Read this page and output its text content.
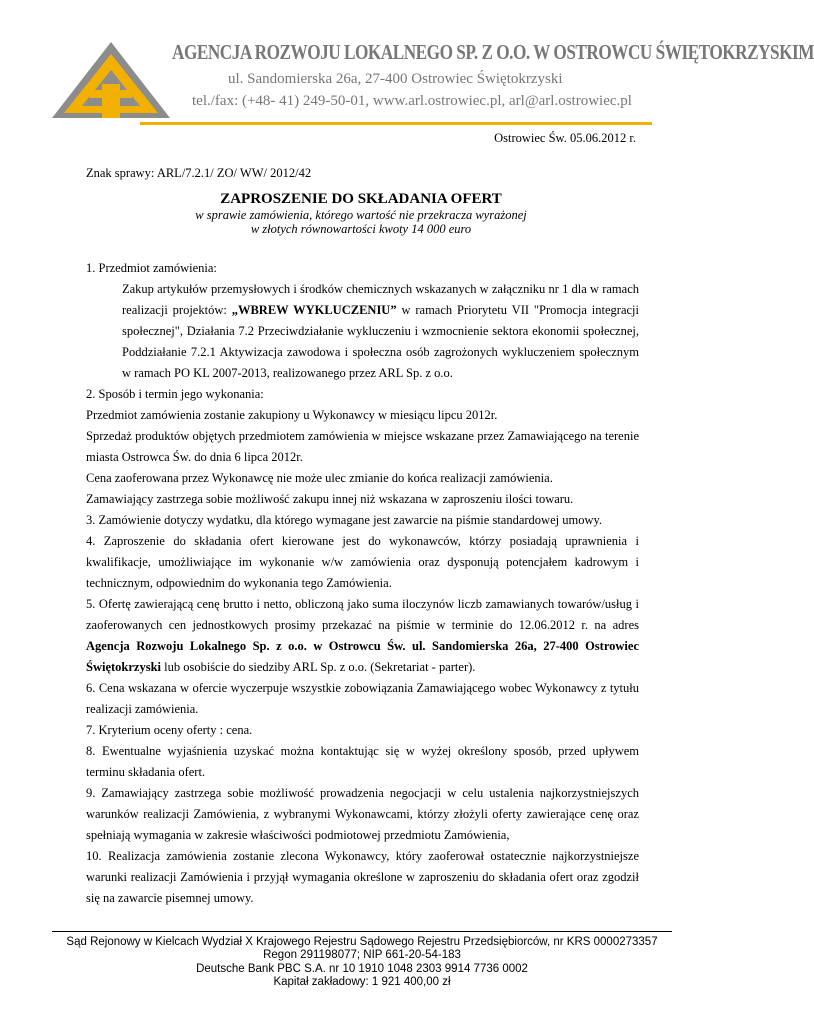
AGENCJA ROZWOJU LOKALNEGO SP. Z O.O. W OSTROWCU ŚWIĘTOKRZYSKIM
ul. Sandomierska 26a, 27-400 Ostrowiec Świętokrzyski
tel./fax: (+48- 41) 249-50-01, www.arl.ostrowiec.pl, arl@arl.ostrowiec.pl
Ostrowiec Św. 05.06.2012 r.
Znak sprawy: ARL/7.2.1/ ZO/ WW/ 2012/42
ZAPROSZENIE DO SKŁADANIA OFERT
w sprawie zamówienia, którego wartość nie przekracza wyrażonej
w złotych równowartości kwoty 14 000 euro

1. Przedmiot zamówienia:

Zakup artykułów przemysłowych i środków chemicznych wskazanych w załączniku nr 1 dla w ramach realizacji projektów: „WBREW WYKLUCZENIU” w ramach Priorytetu VII "Promocja integracji społecznej", Działania 7.2 Przeciwdziałanie wykluczeniu i wzmocnienie sektora ekonomii społecznej, Poddziałanie 7.2.1 Aktywizacja zawodowa i społeczna osób zagrożonych wykluczeniem społecznym w ramach PO KL 2007-2013, realizowanego przez ARL Sp. z o.o.

2. Sposób i termin jego wykonania:

Przedmiot zamówienia zostanie zakupiony u Wykonawcy w miesiącu lipcu 2012r.

Sprzedaż produktów objętych przedmiotem zamówienia w miejsce wskazane przez Zamawiającego na terenie miasta Ostrowca Św. do dnia 6 lipca 2012r.

Cena zaoferowana przez Wykonawcę nie może ulec zmianie do końca realizacji zamówienia.

Zamawiający zastrzega sobie możliwość zakupu innej niż wskazana w zaproszeniu ilości towaru.

3. Zamówienie dotyczy wydatku, dla którego wymagane jest zawarcie na piśmie standardowej umowy.

4. Zaproszenie do składania ofert kierowane jest do wykonawców, którzy posiadają uprawnienia i kwalifikacje, umożliwiające im wykonanie w/w zamówienia oraz dysponują potencjałem kadrowym i technicznym, odpowiednim do wykonania tego Zamówienia.

5. Ofertę zawierającą cenę brutto i netto, obliczoną jako suma iloczynów liczb zamawianych towarów/usług i zaoferowanych cen jednostkowych prosimy przekazać na piśmie w terminie do 12.06.2012 r. na adres Agencja Rozwoju Lokalnego Sp. z o.o. w Ostrowcu Św. ul. Sandomierska 26a, 27-400 Ostrowiec Świętokrzyski lub osobiście do siedziby ARL Sp. z o.o. (Sekretariat - parter).

6. Cena wskazana w ofercie wyczerpuje wszystkie zobowiązania Zamawiającego wobec Wykonawcy z tytułu realizacji zamówienia.

7. Kryterium oceny oferty : cena.

8. Ewentualne wyjaśnienia uzyskać można kontaktując się w wyżej określony sposób, przed upływem terminu składania ofert.

9. Zamawiający zastrzega sobie możliwość prowadzenia negocjacji w celu ustalenia najkorzystniejszych warunków realizacji Zamówienia, z wybranymi Wykonawcami, którzy złożyli oferty zawierające cenę oraz spełniają wymagania w zakresie właściwości podmiotowej przedmiotu Zamówienia,

10. Realizacja zamówienia zostanie zlecona Wykonawcy, który zaoferował ostatecznie najkorzystniejsze warunki realizacji Zamówienia i przyjął wymagania określone w zaproszeniu do składania ofert oraz zgodził się na zawarcie pisemnej umowy.

Sąd Rejonowy w Kielcach Wydział X Krajowego Rejestru Sądowego Rejestru Przedsiębiorców, nr KRS 0000273357
Regon 291198077; NIP 661-20-54-183
Deutsche Bank PBC S.A. nr 10 1910 1048 2303 9914 7736 0002
Kapitał zakładowy: 1 921 400,00 zł
